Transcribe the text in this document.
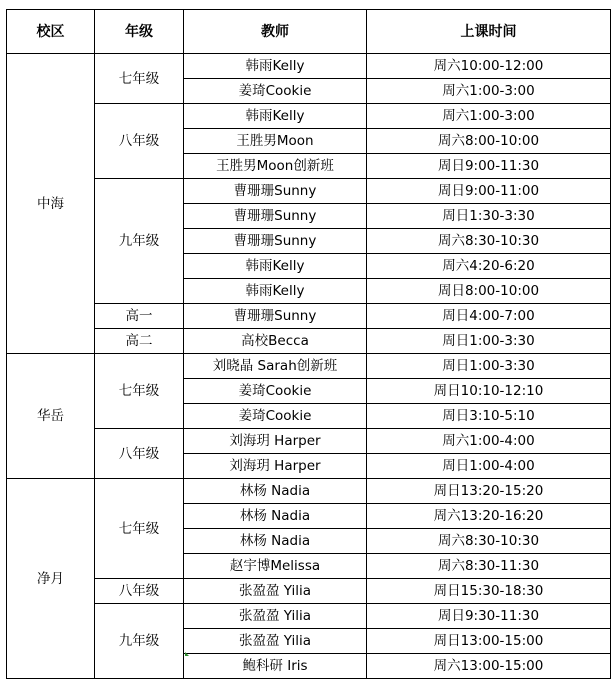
校区	年级	教师	上课时间
中海	七年级	韩雨Kelly	周六10:00-12:00
		姜琦Cookie	周六1:00-3:00
	八年级	韩雨Kelly	周六1:00-3:00
		王胜男Moon	周六8:00-10:00
		王胜男Moon创新班	周日9:00-11:30
	九年级	曹珊珊Sunny	周日9:00-11:00
		曹珊珊Sunny	周日1:30-3:30
		曹珊珊Sunny	周六8:30-10:30
		韩雨Kelly	周六4:20-6:20
		韩雨Kelly	周日8:00-10:00
	高一	曹珊珊Sunny	周日4:00-7:00
	高二	高校Becca	周日1:00-3:30
华岳	七年级	刘晓晶 Sarah创新班	周日1:00-3:30
		姜琦Cookie	周日10:10-12:10
		姜琦Cookie	周日3:10-5:10
	八年级	刘海玥 Harper	周六1:00-4:00
		刘海玥 Harper	周日1:00-4:00
净月	七年级	林杨 Nadia	周日13:20-15:20
		林杨 Nadia	周六13:20-16:20
		林杨 Nadia	周六8:30-10:30
		赵宇博Melissa	周六8:30-11:30
	八年级	张盈盈 Yilia	周日15:30-18:30
	九年级	张盈盈 Yilia	周日9:30-11:30
		张盈盈 Yilia	周日13:00-15:00
		鲍科研 Iris	周六13:00-15:00
